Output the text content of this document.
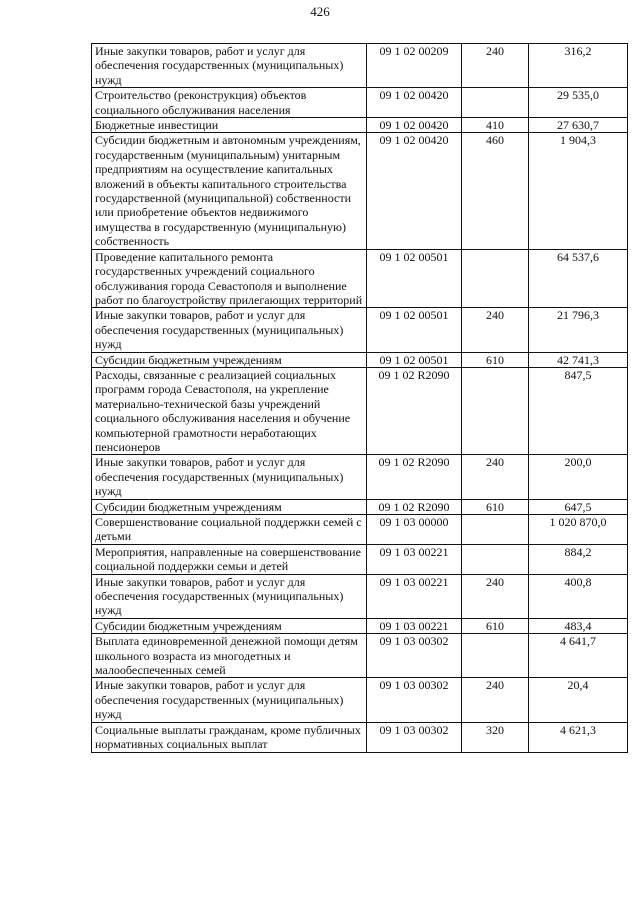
426
Иные закупки товаров, работ и услуг для обеспечения государственных (муниципальных) нужд	09 1 02 00209	240	316,2
Строительство (реконструкция) объектов социального обслуживания населения	09 1 02 00420		29 535,0
Бюджетные инвестиции	09 1 02 00420	410	27 630,7
Субсидии бюджетным и автономным учреждениям, государственным (муниципальным) унитарным предприятиям на осуществление капитальных вложений в объекты капитального строительства государственной (муниципальной) собственности или приобретение объектов недвижимого имущества в государственную (муниципальную) собственность	09 1 02 00420	460	1 904,3
Проведение капитального ремонта государственных учреждений социального обслуживания города Севастополя и выполнение работ по благоустройству прилегающих территорий	09 1 02 00501		64 537,6
Иные закупки товаров, работ и услуг для обеспечения государственных (муниципальных) нужд	09 1 02 00501	240	21 796,3
Субсидии бюджетным учреждениям	09 1 02 00501	610	42 741,3
Расходы, связанные с реализацией социальных программ города Севастополя, на укрепление материально-технической базы учреждений социального обслуживания населения и обучение компьютерной грамотности неработающих пенсионеров	09 1 02 R2090		847,5
Иные закупки товаров, работ и услуг для обеспечения государственных (муниципальных) нужд	09 1 02 R2090	240	200,0
Субсидии бюджетным учреждениям	09 1 02 R2090	610	647,5
Совершенствование социальной поддержки семей с детьми	09 1 03 00000		1 020 870,0
Мероприятия, направленные на совершенствование социальной поддержки семьи и детей	09 1 03 00221		884,2
Иные закупки товаров, работ и услуг для обеспечения государственных (муниципальных) нужд	09 1 03 00221	240	400,8
Субсидии бюджетным учреждениям	09 1 03 00221	610	483,4
Выплата единовременной денежной помощи детям школьного возраста из многодетных и малообеспеченных семей	09 1 03 00302		4 641,7
Иные закупки товаров, работ и услуг для обеспечения государственных (муниципальных) нужд	09 1 03 00302	240	20,4
Социальные выплаты гражданам, кроме публичных нормативных социальных выплат	09 1 03 00302	320	4 621,3
